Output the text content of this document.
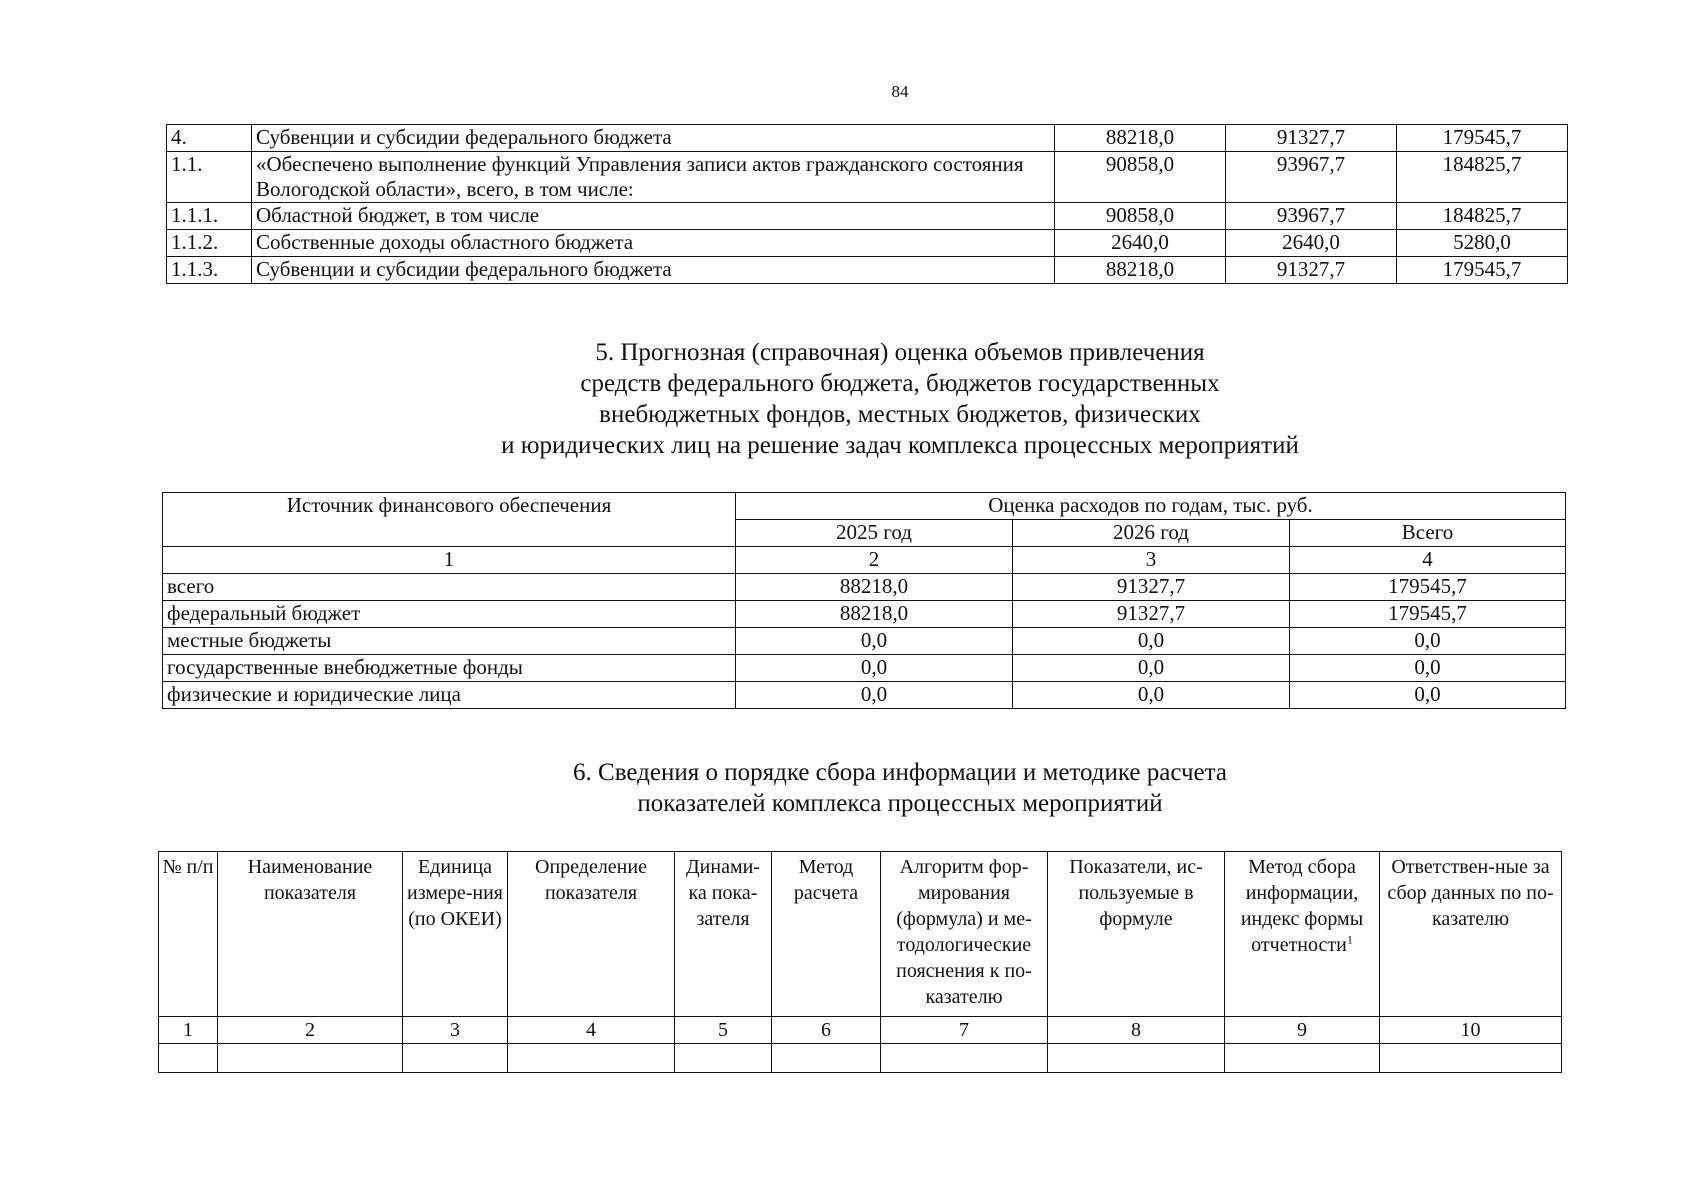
84
4.	Субвенции и субсидии федерального бюджета	88218,0	91327,7	179545,7
1.1.	«Обеспечено выполнение функций Управления записи актов гражданского состояния Вологодской области», всего, в том числе:	90858,0	93967,7	184825,7
1.1.1.	Областной бюджет, в том числе	90858,0	93967,7	184825,7
1.1.2.	Собственные доходы областного бюджета	2640,0	2640,0	5280,0
1.1.3.	Субвенции и субсидии федерального бюджета	88218,0	91327,7	179545,7
5. Прогнозная (справочная) оценка объемов привлечения
средств федерального бюджета, бюджетов государственных
внебюджетных фондов, местных бюджетов, физических
и юридических лиц на решение задач комплекса процессных мероприятий
Источник финансового обеспечения	Оценка расходов по годам, тыс. руб.		
	2025 год	2026 год	Всего
1	2	3	4
всего	88218,0	91327,7	179545,7
федеральный бюджет	88218,0	91327,7	179545,7
местные бюджеты	0,0	0,0	0,0
государственные внебюджетные фонды	0,0	0,0	0,0
физические и юридические лица	0,0	0,0	0,0
6. Сведения о порядке сбора информации и методике расчета
показателей комплекса процессных мероприятий
№ п/п	Наименование показателя	Единица измере-ния (по ОКЕИ)	Определение показателя	Динами-ка пока-зателя	Метод расчета	Алгоритм фор-мирования (формула) и ме-тодологические пояснения к по-казателю	Показатели, ис-пользуемые в формуле	Метод сбора информации, индекс формы отчетности$^1$	Ответствен-ные за сбор данных по по-казателю
1	2	3	4	5	6	7	8	9	10
